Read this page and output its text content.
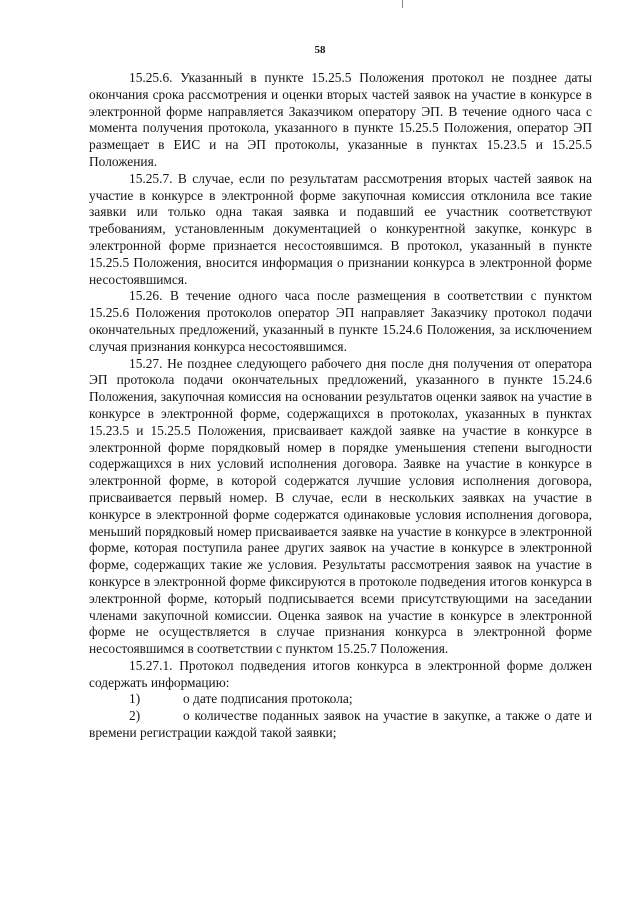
58

15.25.6. Указанный в пункте 15.25.5 Положения протокол не позднее даты окончания срока рассмотрения и оценки вторых частей заявок на участие в конкурсе в электронной форме направляется Заказчиком оператору ЭП. В течение одного часа с момента получения протокола, указанного в пункте 15.25.5 Положения, оператор ЭП размещает в ЕИС и на ЭП протоколы, указанные в пунктах 15.23.5 и 15.25.5 Положения.

15.25.7. В случае, если по результатам рассмотрения вторых частей заявок на участие в конкурсе в электронной форме закупочная комиссия отклонила все такие заявки или только одна такая заявка и подавший ее участник соответствуют требованиям, установленным документацией о конкурентной закупке, конкурс в электронной форме признается несостоявшимся. В протокол, указанный в пункте 15.25.5 Положения, вносится информация о признании конкурса в электронной форме несостоявшимся.

15.26. В течение одного часа после размещения в соответствии с пунктом 15.25.6 Положения протоколов оператор ЭП направляет Заказчику протокол подачи окончательных предложений, указанный в пункте 15.24.6 Положения, за исключением случая признания конкурса несостоявшимся.

15.27. Не позднее следующего рабочего дня после дня получения от оператора ЭП протокола подачи окончательных предложений, указанного в пункте 15.24.6 Положения, закупочная комиссия на основании результатов оценки заявок на участие в конкурсе в электронной форме, содержащихся в протоколах, указанных в пунктах 15.23.5 и 15.25.5 Положения, присваивает каждой заявке на участие в конкурсе в электронной форме порядковый номер в порядке уменьшения степени выгодности содержащихся в них условий исполнения договора. Заявке на участие в конкурсе в электронной форме, в которой содержатся лучшие условия исполнения договора, присваивается первый номер. В случае, если в нескольких заявках на участие в конкурсе в электронной форме содержатся одинаковые условия исполнения договора, меньший порядковый номер присваивается заявке на участие в конкурсе в электронной форме, которая поступила ранее других заявок на участие в конкурсе в электронной форме, содержащих такие же условия. Результаты рассмотрения заявок на участие в конкурсе в электронной форме фиксируются в протоколе подведения итогов конкурса в электронной форме, который подписывается всеми присутствующими на заседании членами закупочной комиссии. Оценка заявок на участие в конкурсе в электронной форме не осуществляется в случае признания конкурса в электронной форме несостоявшимся в соответствии с пунктом 15.25.7 Положения.

15.27.1. Протокол подведения итогов конкурса в электронной форме должен содержать информацию:

1)	о дате подписания протокола;

2)	о количестве поданных заявок на участие в закупке, а также о дате и времени регистрации каждой такой заявки;
